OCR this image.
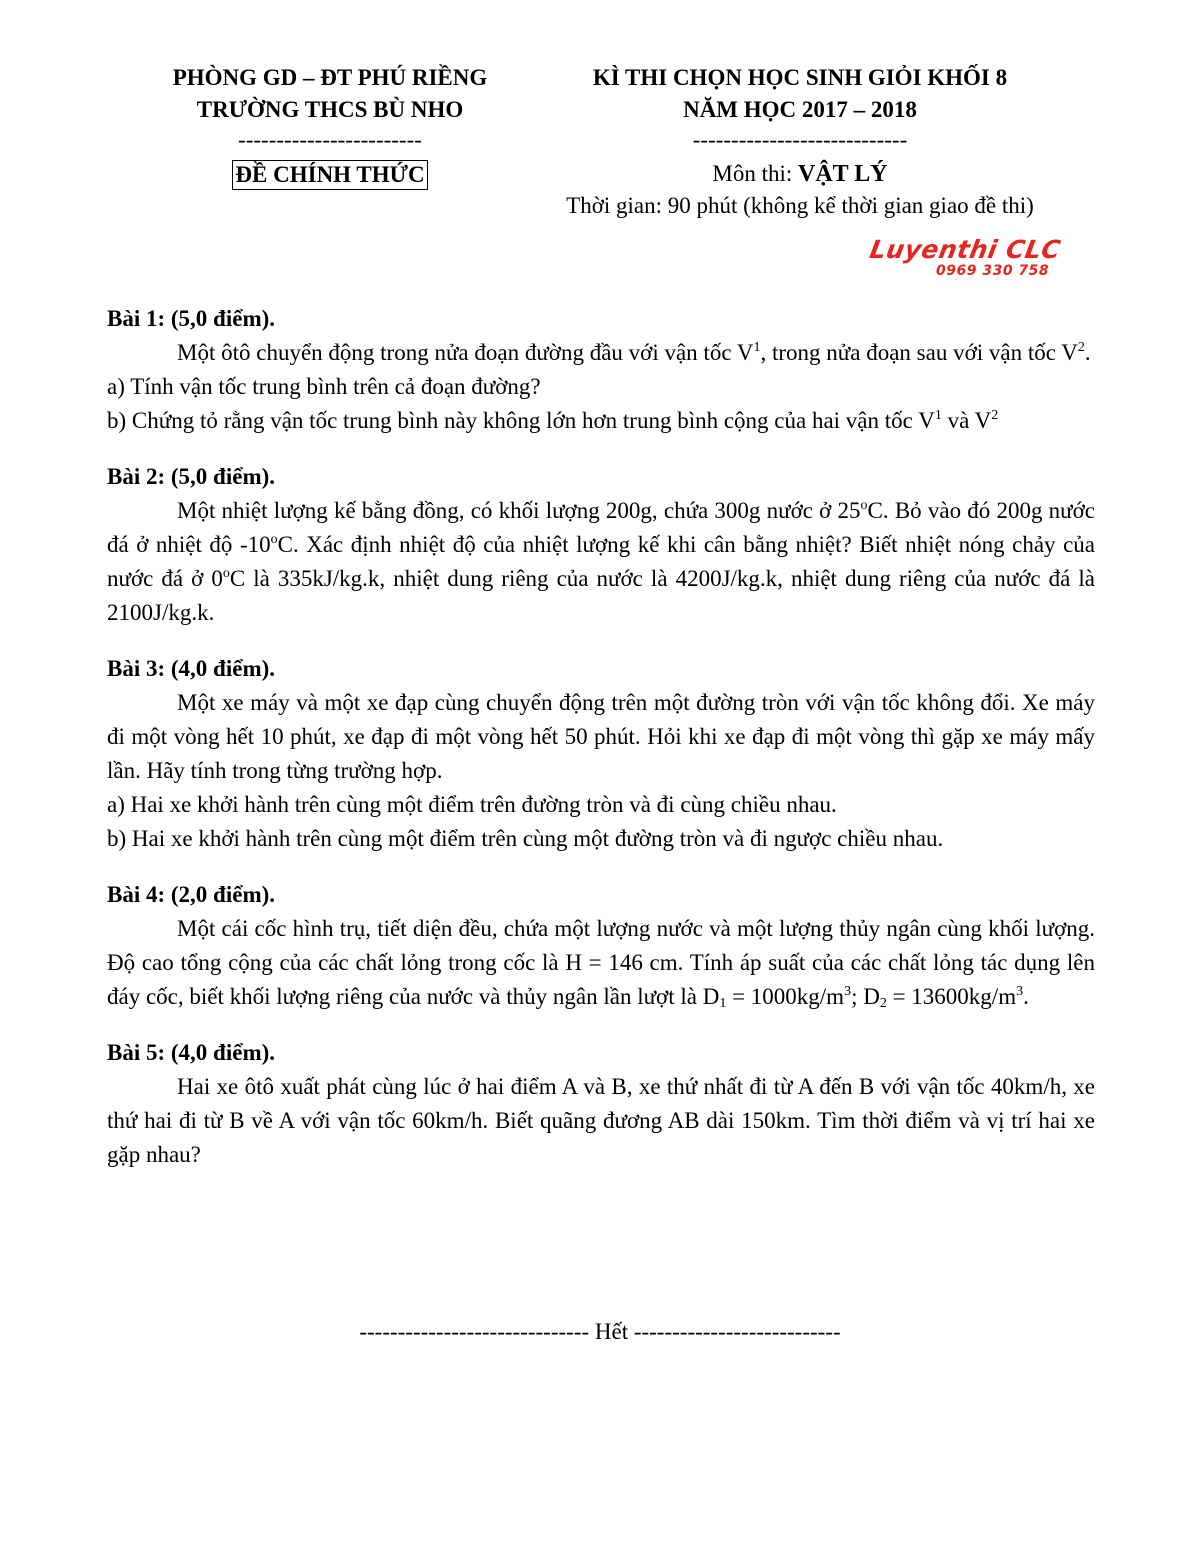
PHÒNG GD – ĐT PHÚ RIỀNG
TRƯỜNG THCS BÙ NHO
------------------------
ĐỀ CHÍNH THỨC
KÌ THI CHỌN HỌC SINH GIỎI KHỐI 8
NĂM HỌC 2017 – 2018
----------------------------
Môn thi: VẬT LÝ
Thời gian: 90 phút (không kể thời gian giao đề thi)
Luyenthi CLC
0969 330 758
Bài 1: (5,0 điểm).
Một ôtô chuyển động trong nửa đoạn đường đầu với vận tốc $V^1$, trong nửa đoạn sau với vận tốc $V^2$.
a) Tính vận tốc trung bình trên cả đoạn đường?
b) Chứng tỏ rằng vận tốc trung bình này không lớn hơn trung bình cộng của hai vận tốc $V^1$ và $V^2$
Bài 2: (5,0 điểm).
Một nhiệt lượng kế bằng đồng, có khối lượng 200g, chứa 300g nước ở 25$^o$C. Bỏ vào đó 200g nước đá ở nhiệt độ -10$^o$C. Xác định nhiệt độ của nhiệt lượng kế khi cân bằng nhiệt? Biết nhiệt nóng chảy của nước đá ở 0$^o$C là 335kJ/kg.k, nhiệt dung riêng của nước là 4200J/kg.k, nhiệt dung riêng của nước đá là 2100J/kg.k.
Bài 3: (4,0 điểm).
Một xe máy và một xe đạp cùng chuyển động trên một đường tròn với vận tốc không đổi. Xe máy đi một vòng hết 10 phút, xe đạp đi một vòng hết 50 phút. Hỏi khi xe đạp đi một vòng thì gặp xe máy mấy lần. Hãy tính trong từng trường hợp.
a) Hai xe khởi hành trên cùng một điểm trên đường tròn và đi cùng chiều nhau.
b) Hai xe khởi hành trên cùng một điểm trên cùng một đường tròn và đi ngược chiều nhau.
Bài 4: (2,0 điểm).
Một cái cốc hình trụ, tiết diện đều, chứa một lượng nước và một lượng thủy ngân cùng khối lượng. Độ cao tổng cộng của các chất lỏng trong cốc là H = 146 cm. Tính áp suất của các chất lỏng tác dụng lên đáy cốc, biết khối lượng riêng của nước và thủy ngân lần lượt là $D_1 = 1000kg/m^3$; $D_2 = 13600kg/m^3$.
Bài 5: (4,0 điểm).
Hai xe ôtô xuất phát cùng lúc ở hai điểm A và B, xe thứ nhất đi từ A đến B với vận tốc 40km/h, xe thứ hai đi từ B về A với vận tốc 60km/h. Biết quãng đương AB dài 150km. Tìm thời điểm và vị trí hai xe gặp nhau?
------------------------------ Hết ---------------------------
